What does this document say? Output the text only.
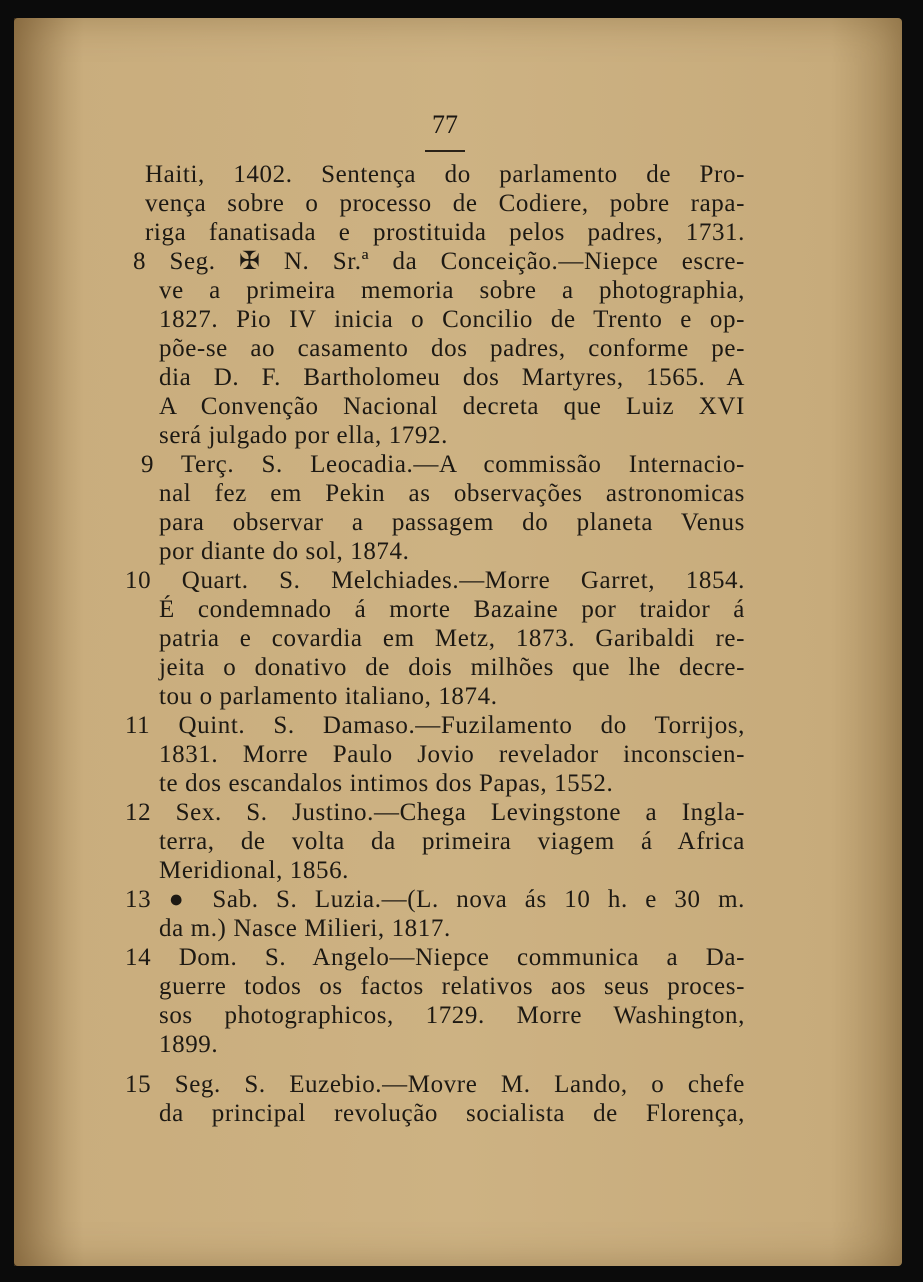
77
Haiti, 1402. Sentença do parlamento de Pro-
vença sobre o processo de Codiere, pobre rapa-
riga fanatisada e prostituida pelos padres, 1731.
8 Seg. ✠ N. Sr.ª da Conceição.—Niepce escre-
ve a primeira memoria sobre a photographia,
1827. Pio IV inicia o Concilio de Trento e op-
põe-se ao casamento dos padres, conforme pe-
dia D. F. Bartholomeu dos Martyres, 1565. A
A Convenção Nacional decreta que Luiz XVI
será julgado por ella, 1792.
9 Terç. S. Leocadia.—A commissão Internacio-
nal fez em Pekin as observações astronomicas
para observar a passagem do planeta Venus
por diante do sol, 1874.
10 Quart. S. Melchiades.—Morre Garret, 1854.
É condemnado á morte Bazaine por traidor á
patria e covardia em Metz, 1873. Garibaldi re-
jeita o donativo de dois milhões que lhe decre-
tou o parlamento italiano, 1874.
11 Quint. S. Damaso.—Fuzilamento do Torrijos,
1831. Morre Paulo Jovio revelador inconscien-
te dos escandalos intimos dos Papas, 1552.
12 Sex. S. Justino.—Chega Levingstone a Ingla-
terra, de volta da primeira viagem á Africa
Meridional, 1856.
13 ● Sab. S. Luzia.—(L. nova ás 10 h. e 30 m.
da m.) Nasce Milieri, 1817.
14 Dom. S. Angelo—Niepce communica a Da-
guerre todos os factos relativos aos seus proces-
sos photographicos, 1729. Morre Washington,
1899.
15 Seg. S. Euzebio.—Movre M. Lando, o chefe
da principal revolução socialista de Florença,
